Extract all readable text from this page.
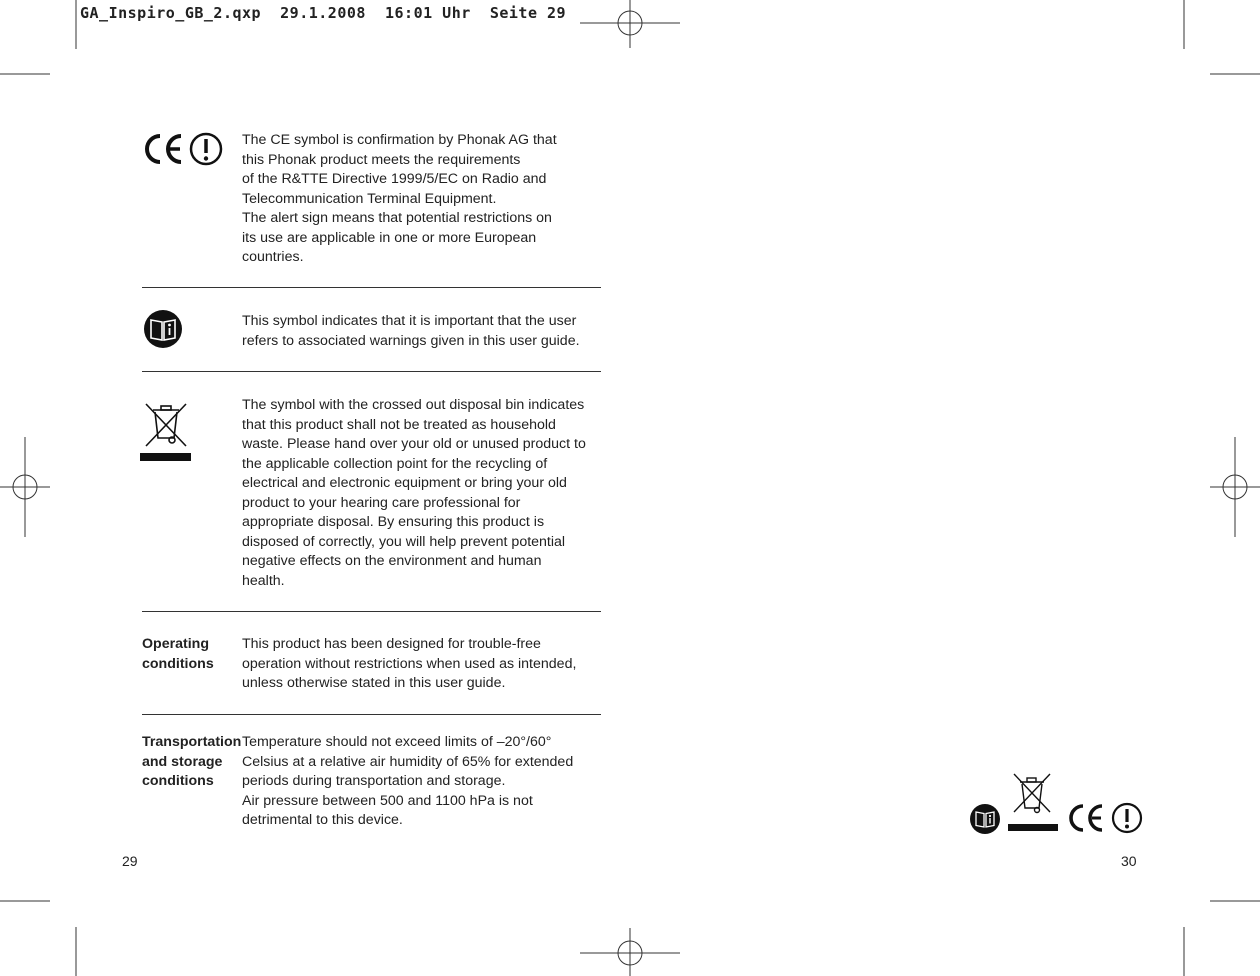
GA_Inspiro_GB_2.qxp  29.1.2008  16:01 Uhr  Seite 29
The CE symbol is confirmation by Phonak AG that
this Phonak product meets the requirements
of the R&TTE Directive 1999/5/EC on Radio and
Telecommunication Terminal Equipment.
The alert sign means that potential restrictions on
its use are applicable in one or more European
countries.
This symbol indicates that it is important that the user
refers to associated warnings given in this user guide.
The symbol with the crossed out disposal bin indicates
that this product shall not be treated as household
waste. Please hand over your old or unused product to
the applicable collection point for the recycling of
electrical and electronic equipment or bring your old
product to your hearing care professional for
appropriate disposal. By ensuring this product is
disposed of correctly, you will help prevent potential
negative effects on the environment and human
health.
Operating
conditions
This product has been designed for trouble-free
operation without restrictions when used as intended,
unless otherwise stated in this user guide.
Transportation
and storage
conditions
Temperature should not exceed limits of –20°/60°
Celsius at a relative air humidity of 65% for extended
periods during transportation and storage.
Air pressure between 500 and 1100 hPa is not
detrimental to this device.
29	30
